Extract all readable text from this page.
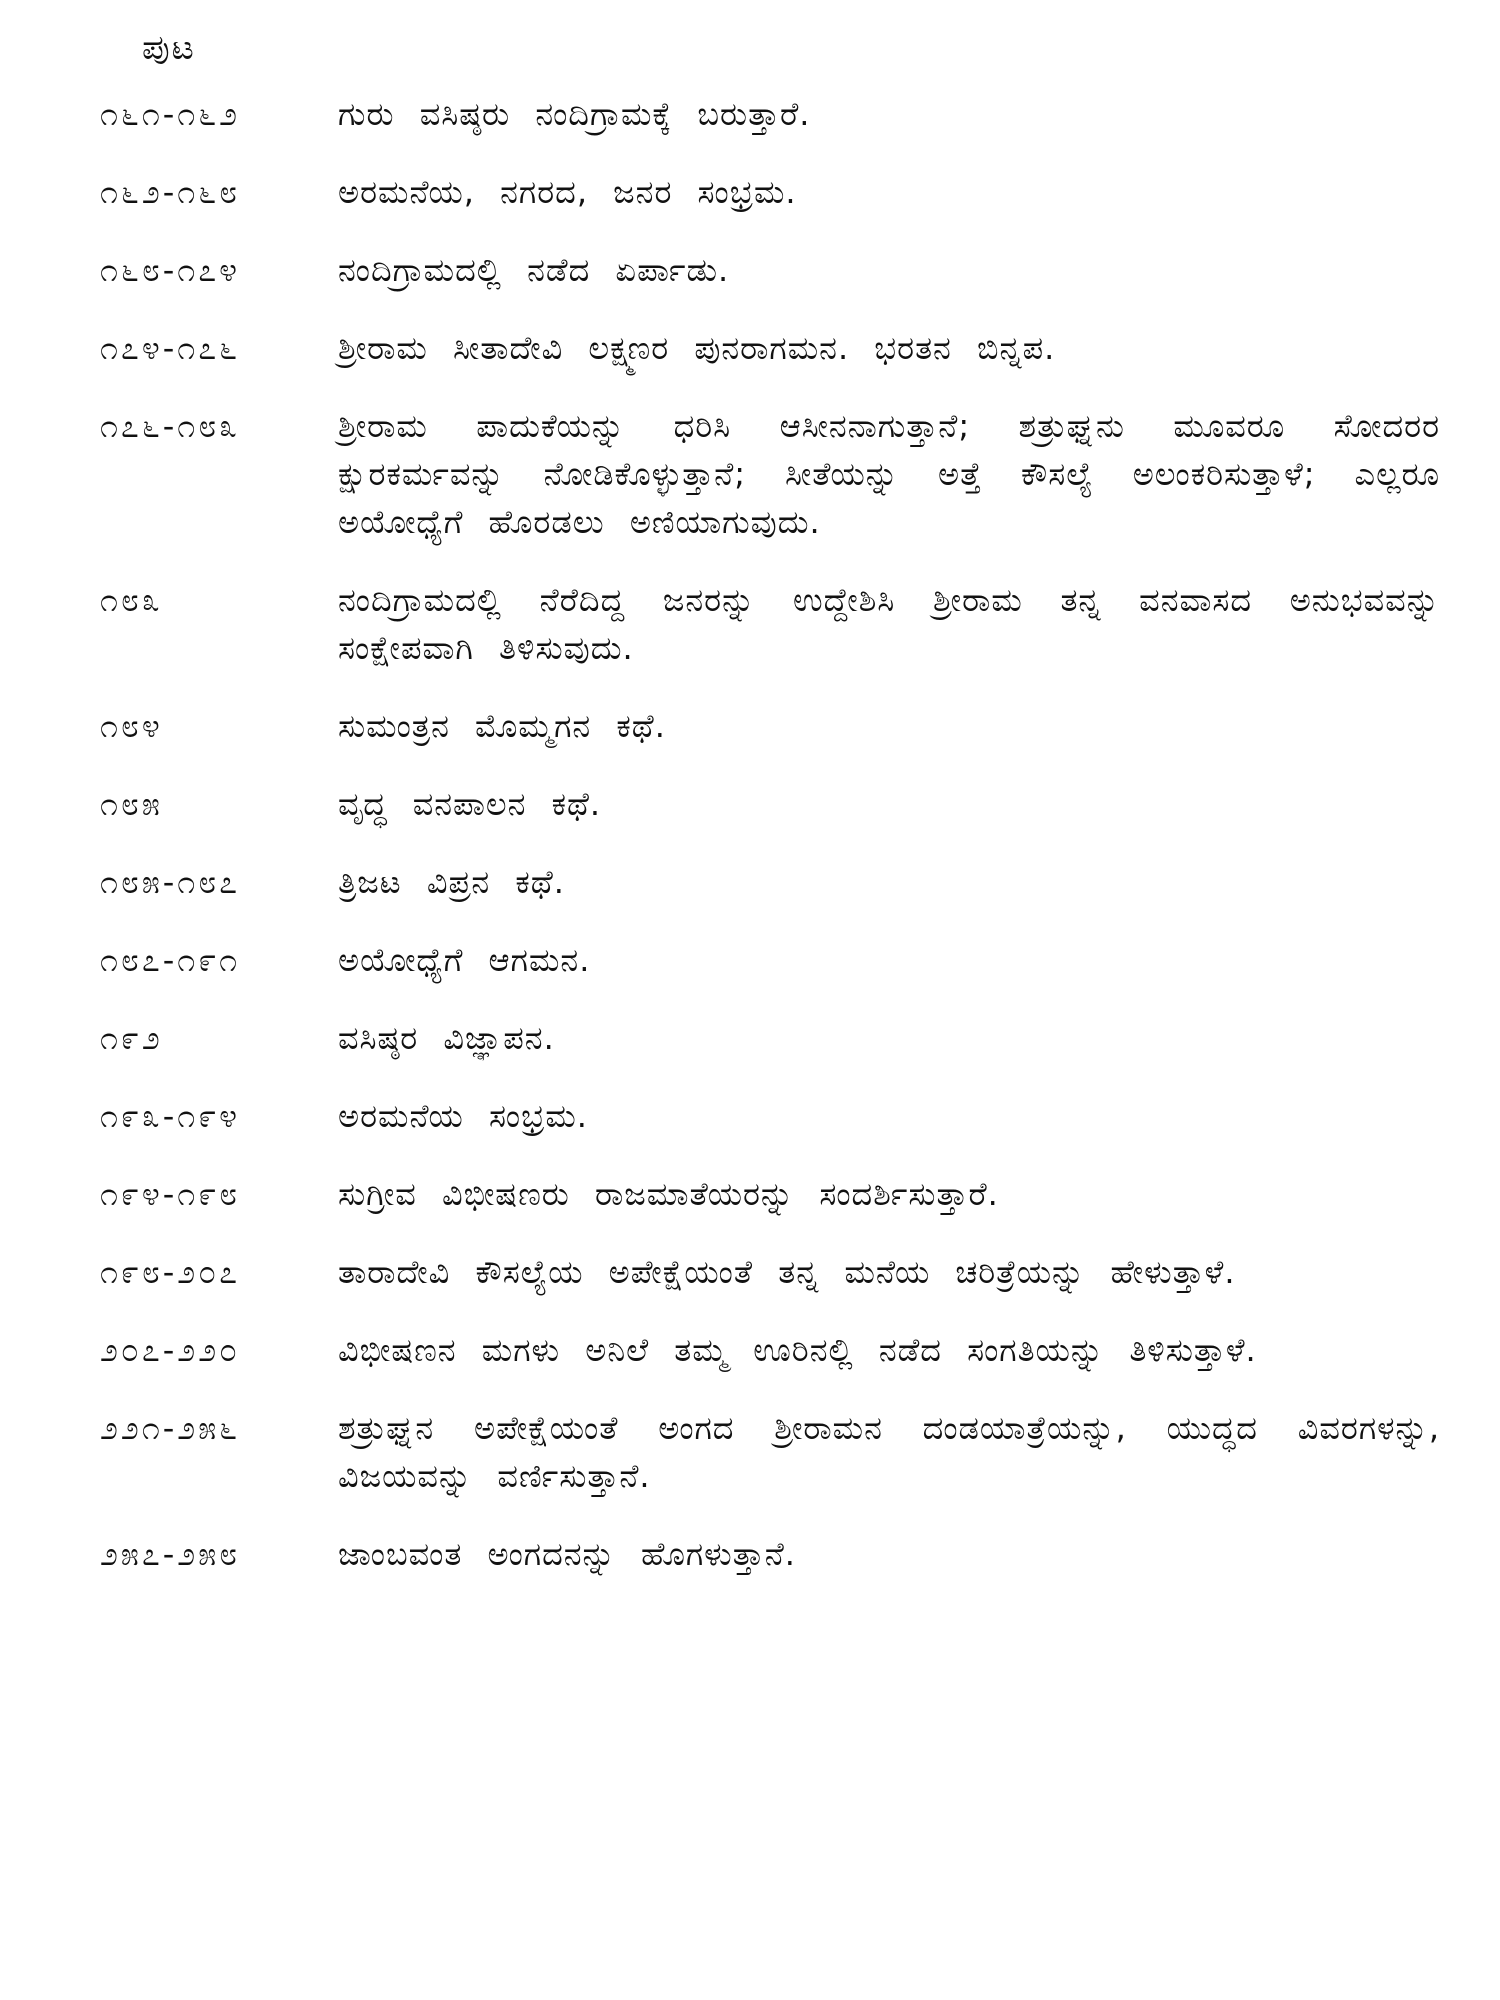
ಪುಟ
೧೬೧-೧೬೨	ಗುರು ವಸಿಷ್ಠರು ನಂದಿಗ್ರಾಮಕ್ಕೆ ಬರುತ್ತಾರೆ.
೧೬೨-೧೬೮	ಅರಮನೆಯ, ನಗರದ, ಜನರ ಸಂಭ್ರಮ.
೧೬೮-೧೭೪	ನಂದಿಗ್ರಾಮದಲ್ಲಿ ನಡೆದ ಏರ್ಪಾಡು.
೧೭೪-೧೭೬	ಶ್ರೀರಾಮ ಸೀತಾದೇವಿ ಲಕ್ಷ್ಮಣರ ಪುನರಾಗಮನ. ಭರತನ ಬಿನ್ನಪ.
೧೭೬-೧೮೩	ಶ್ರೀರಾಮ ಪಾದುಕೆಯನ್ನು ಧರಿಸಿ ಆಸೀನನಾಗುತ್ತಾನೆ; ಶತ್ರುಘ್ನನು ಮೂವರೂ ಸೋದರರ ಕ್ಷುರಕರ್ಮವನ್ನು ನೋಡಿಕೊಳ್ಳುತ್ತಾನೆ; ಸೀತೆಯನ್ನು ಅತ್ತೆ ಕೌಸಲ್ಯೆ ಅಲಂಕರಿಸುತ್ತಾಳೆ; ಎಲ್ಲರೂ ಅಯೋಧ್ಯೆಗೆ ಹೊರಡಲು ಅಣಿಯಾಗುವುದು.
೧೮೩	ನಂದಿಗ್ರಾಮದಲ್ಲಿ ನೆರೆದಿದ್ದ ಜನರನ್ನು ಉದ್ದೇಶಿಸಿ ಶ್ರೀರಾಮ ತನ್ನ ವನವಾಸದ ಅನುಭವವನ್ನು ಸಂಕ್ಷೇಪವಾಗಿ ತಿಳಿಸುವುದು.
೧೮೪	ಸುಮಂತ್ರನ ಮೊಮ್ಮಗನ ಕಥೆ.
೧೮೫	ವೃದ್ಧ ವನಪಾಲನ ಕಥೆ.
೧೮೫-೧೮೭	ತ್ರಿಜಟ ವಿಪ್ರನ ಕಥೆ.
೧೮೭-೧೯೧	ಅಯೋಧ್ಯೆಗೆ ಆಗಮನ.
೧೯೨	ವಸಿಷ್ಠರ ವಿಜ್ಞಾಪನ.
೧೯೩-೧೯೪	ಅರಮನೆಯ ಸಂಭ್ರಮ.
೧೯೪-೧೯೮	ಸುಗ್ರೀವ ವಿಭೀಷಣರು ರಾಜಮಾತೆಯರನ್ನು ಸಂದರ್ಶಿಸುತ್ತಾರೆ.
೧೯೮-೨೦೭	ತಾರಾದೇವಿ ಕೌಸಲ್ಯೆಯ ಅಪೇಕ್ಷೆಯಂತೆ ತನ್ನ ಮನೆಯ ಚರಿತ್ರೆಯನ್ನು ಹೇಳುತ್ತಾಳೆ.
೨೦೭-೨೨೦	ವಿಭೀಷಣನ ಮಗಳು ಅನಿಲೆ ತಮ್ಮ ಊರಿನಲ್ಲಿ ನಡೆದ ಸಂಗತಿಯನ್ನು ತಿಳಿಸುತ್ತಾಳೆ.
೨೨೧-೨೫೬	ಶತ್ರುಘ್ನನ ಅಪೇಕ್ಷೆಯಂತೆ ಅಂಗದ ಶ್ರೀರಾಮನ ದಂಡಯಾತ್ರೆಯನ್ನು, ಯುದ್ಧದ ವಿವರಗಳನ್ನು, ವಿಜಯವನ್ನು ವರ್ಣಿಸುತ್ತಾನೆ.
೨೫೭-೨೫೮	ಜಾಂಬವಂತ ಅಂಗದನನ್ನು ಹೊಗಳುತ್ತಾನೆ.
